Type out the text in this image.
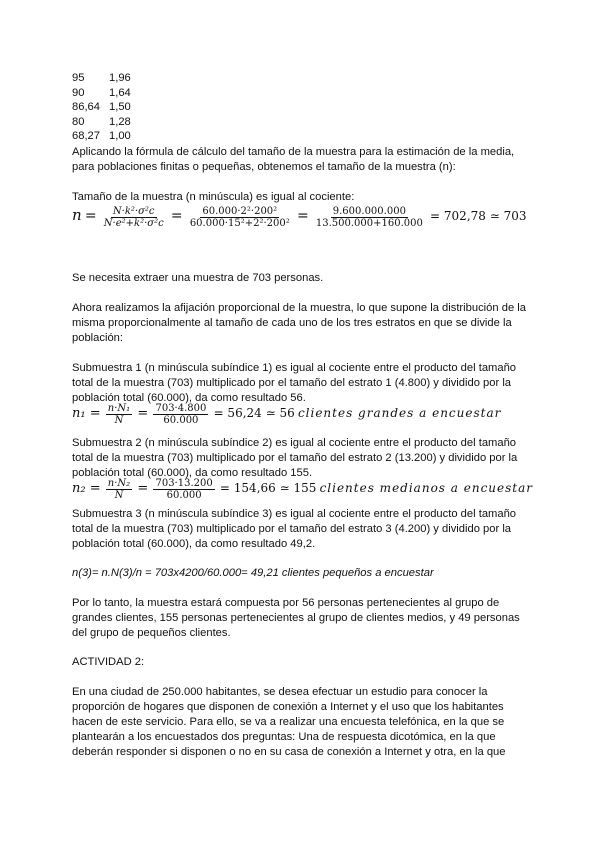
95	1,96
90	1,64
86,64 1,50
80	1,28
68,27 1,00
Aplicando la fórmula de cálculo del tamaño de la muestra para la estimación de la media,
para poblaciones finitas o pequeñas, obtenemos el tamaño de la muestra (n):
Tamaño de la muestra (n minúscula) es igual al cociente:
$n = \frac{\text{N·k²·σ²c}}{\text{N·e²+k²·σ²c}} = \frac{\text{60.000·2²·200²}}{\text{60.000·15²+2²·200²}} = \frac{9.600.000.000}{13.500.000+160.000} = 702,78$ ≃ 703
Se necesita extraer una muestra de 703 personas.
Ahora realizamos la afijación proporcional de la muestra, lo que supone la distribución de la
misma proporcionalmente al tamaño de cada uno de los tres estratos en que se divide la
población:
Submuestra 1 (n minúscula subíndice 1) es igual al cociente entre el producto del tamaño
total de la muestra (703) multiplicado por el tamaño del estrato 1 (4.800) y dividido por la
población total (60.000), da como resultado 56.
$n_1 = \frac{\text{n·N₁}}{N} = \frac{703\cdot 4.800}{60.000} = 56,24$ ≃ 56 clientes grandes a encuestar
Submuestra 2 (n minúscula subíndice 2) es igual al cociente entre el producto del tamaño
total de la muestra (703) multiplicado por el tamaño del estrato 2 (13.200) y dividido por la
población total (60.000), da como resultado 155.
$n_2 = \frac{\text{n·N₂}}{N} = \frac{703\cdot 13.200}{60.000} = 154,66$ ≃ 155 clientes medianos a encuestar
Submuestra 3 (n minúscula subíndice 3) es igual al cociente entre el producto del tamaño
total de la muestra (703) multiplicado por el tamaño del estrato 3 (4.200) y dividido por la
población total (60.000), da como resultado 49,2.
n(3)= n.N(3)/n = 703x4200/60.000= 49,21 clientes pequeños a encuestar
Por lo tanto, la muestra estará compuesta por 56 personas pertenecientes al grupo de
grandes clientes, 155 personas pertenecientes al grupo de clientes medios, y 49 personas
del grupo de pequeños clientes.
ACTIVIDAD 2:
En una ciudad de 250.000 habitantes, se desea efectuar un estudio para conocer la
proporción de hogares que disponen de conexión a Internet y el uso que los habitantes
hacen de este servicio. Para ello, se va a realizar una encuesta telefónica, en la que se
plantearán a los encuestados dos preguntas: Una de respuesta dicotómica, en la que
deberán responder si disponen o no en su casa de conexión a Internet y otra, en la que
